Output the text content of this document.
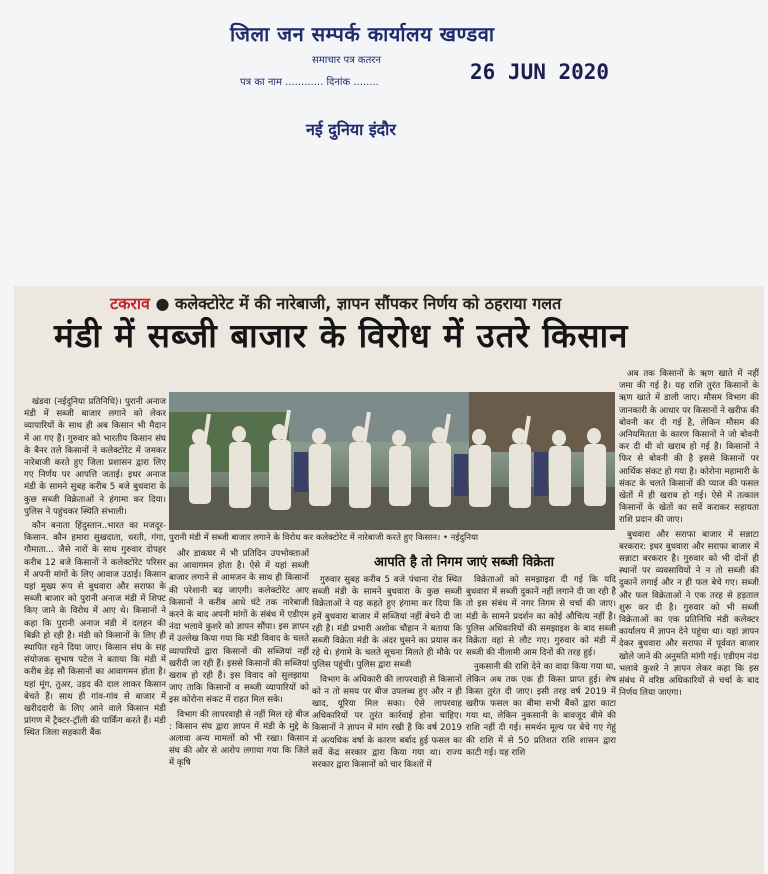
जिला जन सम्पर्क कार्यालय खण्डवा
समाचार पत्र कतरन
पत्र का नाम ............ दिनांक ........	26 JUN 2020
नई दुनिया इंदौर
टकराव ● कलेक्टोरेट में की नारेबाजी, ज्ञापन सौंपकर निर्णय को ठहराया गलत
मंडी में सब्जी बाजार के विरोध में उतरे किसान

खंडवा (नईदुनिया प्रतिनिधि)। पुरानी अनाज मंडी में सब्जी बाजार लगाने को लेकर व्यापारियों के साथ ही अब किसान भी मैदान में आ गए हैं। गुरुवार को भारतीय किसान संघ के बैनर तले किसानों ने कलेक्टोरेट में जमकर नारेबाजी करते हुए जिला प्रशासन द्वारा लिए गए निर्णय पर आपत्ति जताई। इधर अनाज मंडी के सामने सुबह करीब 5 बजे बुधवारा के कुछ सब्जी विक्रेताओं ने हंगामा कर दिया। पुलिस ने पहुंचकर स्थिति संभाली।

कौन बनाता हिंदुस्तान..भारत का मजदूर-किसान. कौन हमारा सुखदाता, धरती, गंगा, गौमाता... जैसे नारों के साथ गुरुवार दोपहर करीब 12 बजे किसानों ने कलेक्टोरेट परिसर में अपनी मांगों के लिए आवाज उठाई। किसान यहां मुख्य रूप से बुधवारा और सराफा के सब्जी बाजार को पुरानी अनाज मंडी में शिफ्ट किए जाने के विरोध में आए थे। किसानों ने कहा कि पुरानी अनाज मंडी में दलहन की बिक्री हो रही है। मंडी को किसानों के लिए ही स्थापित रहने दिया जाए। किसान संघ के सह संयोजक सुभाष पटेल ने बताया कि मंडी में करीब डेढ़ सौ किसानों का आवागमन होता है। यहां मूंग, तुअर, उड़द की दाल लाकर किसान बेचते हैं। साथ ही गांव-गांव से बाजार में खरीददारी के लिए आने वाले किसान मंडी प्रांगण में ट्रैक्टर-ट्रॉली की पार्किंग करते हैं। मंडी स्थित जिला सहकारी बैंक

पुरानी मंडी में सब्जी बाजार लगाने के विरोध कर कलेक्टोरेट में नारेबाजी करते हुए किसान। • नईदुनिया

और डाकघर में भी प्रतिदिन उपभोक्ताओं का आवागमन होता है। ऐसे में यहां सब्जी बाजार लगाने से आमजन के साथ ही किसानों की परेशानी बढ़ जाएगी। कलेक्टोरेट आए किसानों ने करीब आधे घंटे तक नारेबाजी करने के बाद अपनी मांगों के संबंध में एडीएम नंदा भलावे कुशरे को ज्ञापन सौंपा। इस ज्ञापन में उल्लेख किया गया कि मंडी विवाद के चलते व्यापारियों द्वारा किसानों की सब्जियां नहीं खरीदी जा रही हैं। इससे किसानों की सब्जियां खराब हो रही हैं। इस विवाद को सुलझाया जाए ताकि किसानों व सब्जी व्यापारियों को इस कोरोना संकट में राहत मिल सके।

विभाग की लापरवाही से नहीं मिल रहे बीज : किसान संघ द्वारा ज्ञापन में मंडी के मुद्दे के अलावा अन्य मामलों को भी रखा। किसान संघ की ओर से आरोप लगाया गया कि जिले में कृषि

आपति है तो निगम जाएं सब्जी विक्रेता

गुरुवार सुबह करीब 5 बजे पंधाना रोड स्थित सब्जी मंडी के सामने बुधवारा के कुछ सब्जी विक्रेताओं ने यह कहते हुए हंगामा कर दिया कि हमें बुधवारा बाजार में सब्जियां नहीं बेचने दी जा रही है। मंडी प्रभारी अशोक चौहान ने बताया कि सब्जी विक्रेता मंडी के अंदर घुसने का प्रयास कर रहे थे। हंगामे के चलते सूचना मिलते ही मौके पर पुलिस पहुंची। पुलिस द्वारा सब्जी

विभाग के अधिकारी की लापरवाही से किसानों को न तो समय पर बीज उपलब्ध हुए और न ही खाद, यूरिया मिल सका। ऐसे लापरवाह अधिकारियों पर तुरंत कार्रवाई होना चाहिए। किसानों ने ज्ञापन में मांग रखी है कि वर्ष 2019 में अत्यधिक वर्षा के कारण बर्बाद हुई फसल का सर्वे केंद्र सरकार द्वारा किया गया था। राज्य सरकार द्वारा किसानों को चार किश्तों में

विक्रेताओं को समझाइश दी गई कि यदि बुधवारा में सब्जी दुकानें नहीं लगाने दी जा रही है तो इस संबंध में नगर निगम से चर्चा की जाए। मंडी के सामने प्रदर्शन का कोई औचित्य नहीं है। पुलिस अधिकारियों की समझाइश के बाद सब्जी विक्रेता वहां से लौट गए। गुरुवार को मंडी में सब्जी की नीलामी आम दिनों की तरह हुई।

नुकसानी की राशि देने का वादा किया गया था, लेकिन अब तक एक ही किस्त प्राप्त हुई। शेष किस्त तुरंत दी जाए। इसी तरह वर्ष 2019 में खरीफ फसल का बीमा सभी बैंकों द्वारा काटा गया था, लेकिन नुकसानी के बावजूद बीमे की राशि नहीं दी गई। समर्थन मूल्य पर बेचे गए गेहूं की राशि में से 50 प्रतिशत राशि शासन द्वारा काटी गई। यह राशि

अब तक किसानों के ऋण खाते में नहीं जमा की गई है। यह राशि तुरंत किसानों के ऋण खाते में डाली जाए। मौसम विभाग की जानकारी के आधार पर किसानों ने खरीफ की बोवनी कर दी गई है, लेकिन मौसम की अनियमितता के कारण किसानों ने जो बोवनी कर दी थी वो खराब हो गई है। किसानों ने फिर से बोवनी की है इससे किसानों पर आर्थिक संकट हो गया है। कोरोना महामारी के संकट के चलते किसानों की प्याज की फसल खेतों में ही खराब हो गई। ऐसे में तत्काल किसानों के खेतों का सर्वे कराकर सहायता राशि प्रदान की जाए।

बुधवारा और सराफा बाजार में सन्नाटा बरकरार: इधर बुधवारा और सराफा बाजार में सन्नाटा बरकरार है। गुरुवार को भी दोनों ही स्थानों पर व्यवसायियों ने न तो सब्जी की दुकानें लगाई और न ही फल बेचे गए। सब्जी और फल विक्रेताओं ने एक तरह से हड़ताल शुरू कर दी है। गुरुवार को भी सब्जी विक्रेताओं का एक प्रतिनिधि मंडी कलेक्टर कार्यालय में ज्ञापन देने पहुंचा था। यहां ज्ञापन देकर बुधवारा और सराफा में पूर्ववत बाजार खोले जाने की अनुमति मांगी गई। एडीएम नंदा भलावे कुशरे ने ज्ञापन लेकर कहा कि इस संबंध में वरिष्ठ अधिकारियों से चर्चा के बाद निर्णय लिया जाएगा।
